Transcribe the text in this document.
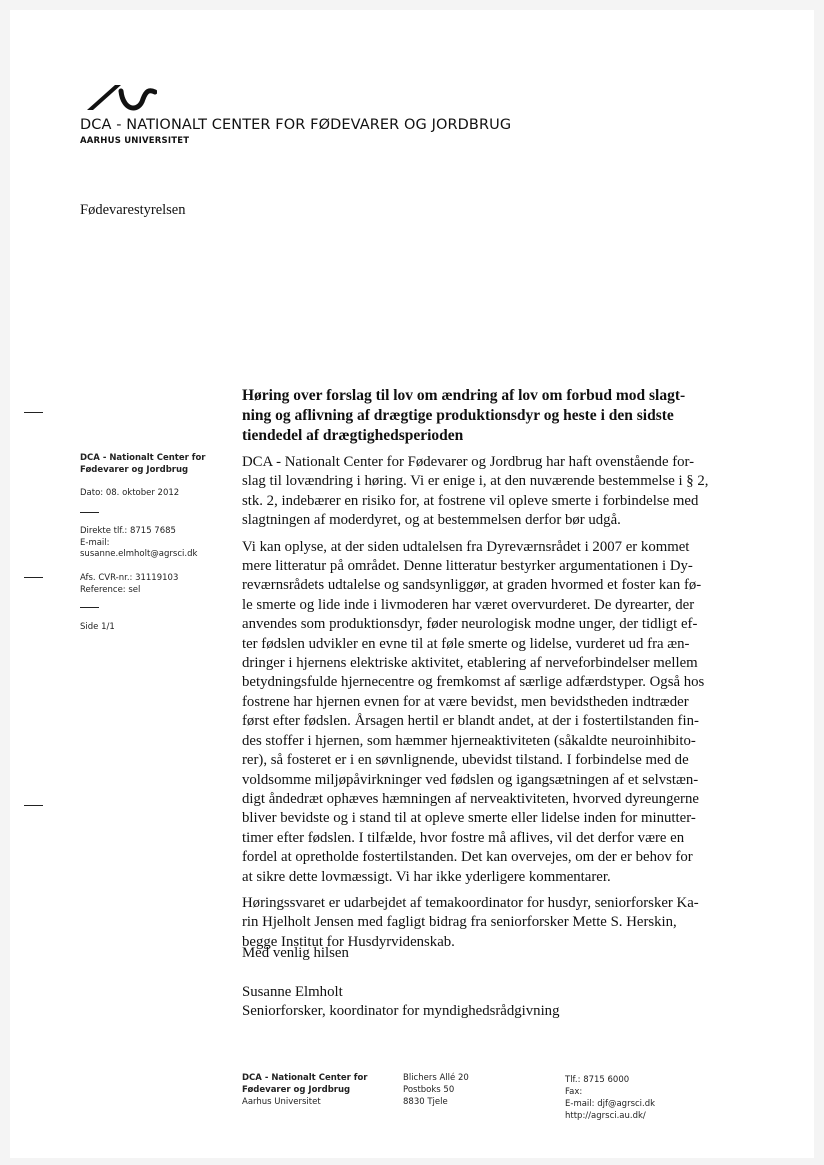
DCA - NATIONALT CENTER FOR FØDEVARER OG JORDBRUG
AARHUS UNIVERSITET
Fødevarestyrelsen
Høring over forslag til lov om ændring af lov om forbud mod slagt-
ning og aflivning af drægtige produktionsdyr og heste i den sidste
tiendedel af drægtighedsperioden
DCA - Nationalt Center for
Fødevarer og Jordbrug
Dato: 08. oktober 2012
Direkte tlf.: 8715 7685
E-mail:
susanne.elmholt@agrsci.dk
Afs. CVR-nr.: 31119103
Reference: sel
Side 1/1
DCA - Nationalt Center for Fødevarer og Jordbrug har haft ovenstående for-
slag til lovændring i høring. Vi er enige i, at den nuværende bestemmelse i § 2,
stk. 2, indebærer en risiko for, at fostrene vil opleve smerte i forbindelse med
slagtningen af moderdyret, og at bestemmelsen derfor bør udgå.
Vi kan oplyse, at der siden udtalelsen fra Dyreværnsrådet i 2007 er kommet
mere litteratur på området. Denne litteratur bestyrker argumentationen i Dy-
reværnsrådets udtalelse og sandsynliggør, at graden hvormed et foster kan fø-
le smerte og lide inde i livmoderen har været overvurderet. De dyrearter, der
anvendes som produktionsdyr, føder neurologisk modne unger, der tidligt ef-
ter fødslen udvikler en evne til at føle smerte og lidelse, vurderet ud fra æn-
dringer i hjernens elektriske aktivitet, etablering af nerveforbindelser mellem
betydningsfulde hjernecentre og fremkomst af særlige adfærdstyper. Også hos
fostrene har hjernen evnen for at være bevidst, men bevidstheden indtræder
først efter fødslen. Årsagen hertil er blandt andet, at der i fostertilstanden fin-
des stoffer i hjernen, som hæmmer hjerneaktiviteten (såkaldte neuroinhibito-
rer), så fosteret er i en søvnlignende, ubevidst tilstand. I forbindelse med de
voldsomme miljøpåvirkninger ved fødslen og igangsætningen af et selvstæn-
digt åndedræt ophæves hæmningen af nerveaktiviteten, hvorved dyreungerne
bliver bevidste og i stand til at opleve smerte eller lidelse inden for minutter-
timer efter fødslen. I tilfælde, hvor fostre må aflives, vil det derfor være en
fordel at opretholde fostertilstanden. Det kan overvejes, om der er behov for
at sikre dette lovmæssigt. Vi har ikke yderligere kommentarer.
Høringssvaret er udarbejdet af temakoordinator for husdyr, seniorforsker Ka-
rin Hjelholt Jensen med fagligt bidrag fra seniorforsker Mette S. Herskin,
begge Institut for Husdyrvidenskab.
Med venlig hilsen

Susanne Elmholt
Seniorforsker, koordinator for myndighedsrådgivning
DCA - Nationalt Center for
Fødevarer og Jordbrug
Aarhus Universitet
Blichers Allé 20
Postboks 50
8830 Tjele
Tlf.: 8715 6000
Fax:
E-mail: djf@agrsci.dk
http://agrsci.au.dk/
